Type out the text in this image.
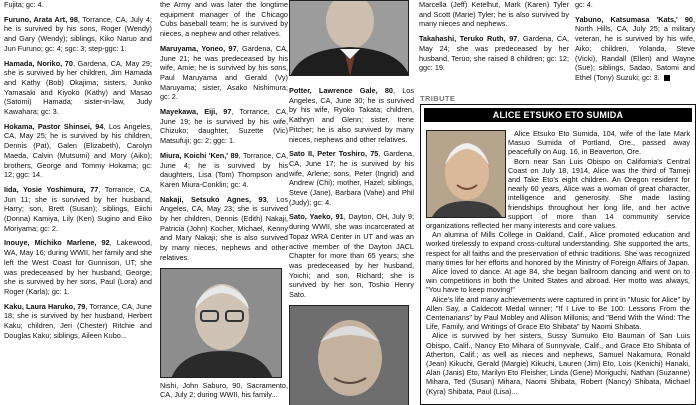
Fujita; gc: 4.
Furuno, Arata Art, 98, Torrance, CA, July 4; he is survived by his sons, Roger (Wendy) and Gary (Wendy); siblings, Kiko Naruo and Jun Furuno; gc: 4; sgc: 3; step-ggc: 1.
Hamada, Noriko, 70, Gardena, CA, May 29; she is survived by her children, Jim Hamada and Kathy (Bob) Okajima; sisters, Junko Yamasaki and Kiyoko (Kathy) and Masao (Satomi) Hamada; sister-in-law, Judy Kawahara; gc: 3.
Hokama, Pastor Shinsei, 94, Los Angeles, CA, May 25; he is survived by his children, Dennis (Pat), Galen (Elizabeth), Carolyn Maeda, Calvin (Mutsumi) and Mory (Aiko); brothers, George and Tommy Hokama; gc: 12; ggc: 14.
Iida, Yosie Yoshimura, 77, Torrance, CA, Jun 11; she is survived by her husband, Harry; son, Brett (Susan); siblings, Eiichi (Donna) Kamiya, Lily (Ken) Sugino and Eiko Moriyama; gc: 2.
Inouye, Michiko Marlene, 92, Lakewood, WA, May 16; during WWII, her family and she left the West Coast for Gunnison, UT; she was predeceased by her husband, George; she is survived by her sons, Paul (Lora) and Roger (Karla); gc: 1.
Kaku, Laura Haruko, 79, Torrance, CA, June 18; she is survived by her husband, Herbert Kaku; children, Jeri (Chester) Ritchie and Douglas Kaku; siblings, Aileen Kubo...
the Army and was later the longtime equipment manager of the Chicago Cubs baseball team; he is survived by nieces, a nephew and other relatives.
Maruyama, Yoneo, 97, Gardena, CA, June 21; he was predeceased by his wife, Amie; he is survived by his sons, Paul Maruyama and Gerald (Vy) Maruyama; sister, Asako Nishimura; gc: 2.
Mayekawa, Eiji, 97, Torrance, CA, June 19; he is survived by his wife, Chizuko; daughter, Suzette (Vic) Matsufuji; gc: 2; ggc: 1.
Miura, Koichi 'Ken,' 89, Torrance, CA, June 4; he is survived by his daughters, Lisa (Tom) Thompson and Karen Miura-Conklin; gc: 4.
Nakaji, Setsuko Agnes, 93, Los Angeles, CA, May 23; she is survived by her children, Dennis (Edith) Nakaji, Patricia (John) Kocher, Michael, Kenny and Mary Nakaji; she is also survived by many nieces, nephews and other relatives.
Nishi, John Saburo, 90, Sacramento, CA, July 2; during WWII, his family...
Potter, Lawrence Gale, 80, Los Angeles, CA, June 30; he is survived by his wife, Ryoko Takata; children, Kathryn and Glenn; sister, Irene Pitcher; he is also survived by many nieces, nephews and other relatives.
Sato II, Peter Toshiro, 75, Gardena, CA, June 17; he is survived by his wife, Arlene; sons, Peter (Ingrid) and Andrew (Chi); mother, Hazel; siblings, Steve (Jane), Barbara (Vahe) and Phil (Judy); gc: 4.
Sato, Yaeko, 91, Dayton, OH, July 9; during WWII, she was incarcerated at Topaz WRA Center in UT and was an active member of the Dayton JACL Chapter for more than 65 years; she was predeceased by her husband, Yoichi; and son, Richard; she is survived by her son, Toshio Henry Sato.
Marcella (Jeff) Ketelhut, Mark (Karen) Tyler and Scott (Marie) Tyler; he is also survived by many nieces and nephews.
Takahashi, Teruko Ruth, 97, Gardena, CA, May 24; she was predeceased by her husband, Teruo; she raised 8 children; gc: 12; ggc: 19.
gc: 4.
Yabuno, Katsumasa 'Kats,' 90, North Hills, CA, July 25; a military veteran, he is survived by his wife, Aiko; children, Yolanda, Steve (Vicki), Randall (Ellen) and Wayne (Sue); siblings, Sadao, Satomi and Ethel (Tony) Suzuki; gc: 3.
TRIBUTE
ALICE ETSUKO ETO SUMIDA

Alice Etsuko Eto Sumida, 104, wife of the late Mark Masuo Sumida of Portland, Ore., passed away peacefully on Aug. 16, in Beaverton, Ore.

Born near San Luis Obispo on California's Central Coast on July 18, 1914, Alice was the third of Tameji and Take Eto's eight children. An Oregon resident for nearly 60 years, Alice was a woman of great character, intelligence and generosity. She made lasting friendships throughout her long life, and her active support of more than 14 community service organizations reflected her many interests and core values.

An alumna of Mills College in Oakland, Calif., Alice promoted education and worked tirelessly to expand cross-cultural understanding. She supported the arts, respect for all faiths and the preservation of ethnic traditions. She was recognized many times for her efforts and honored by the Ministry of Foreign Affairs of Japan.

Alice loved to dance. At age 84, she began ballroom dancing and went on to win competitions in both the United States and abroad. Her motto was always, "You have to keep moving!"

Alice's life and many achievements were captured in print in "Music for Alice" by Allen Say, a Caldecott Medal winner; "If I Live to Be 100: Lessons From the Centenarians" by Paul Mobley and Allison Millonis; and "Bend With the Wind: The Life, Family, and Writings of Grace Eto Shibata" by Naomi Shibata.

Alice is survived by her sisters, Sussy Sumuko Eto Bauman of San Luis Obispo, Calif., Nancy Eto Mihara of Sunnyvale, Calif., and Grace Eto Shibata of Atherton, Calif.; as well as nieces and nephews, Samuel Nakamura, Ronald (Jean) Kikuchi, Gerald (Margie) Kikuchi, Lauren (Jim) Eto, Lois (Kenichi) Hanaki, Alan (Janis) Eto, Marilyn Eto Fleisher, Linda (Gene) Moriguchi, Nathan (Suzanne) Mihara, Ted (Susan) Mihara, Naomi Shibata, Robert (Nancy) Shibata, Michael (Kyra) Shibata, Paul (Lisa)...
